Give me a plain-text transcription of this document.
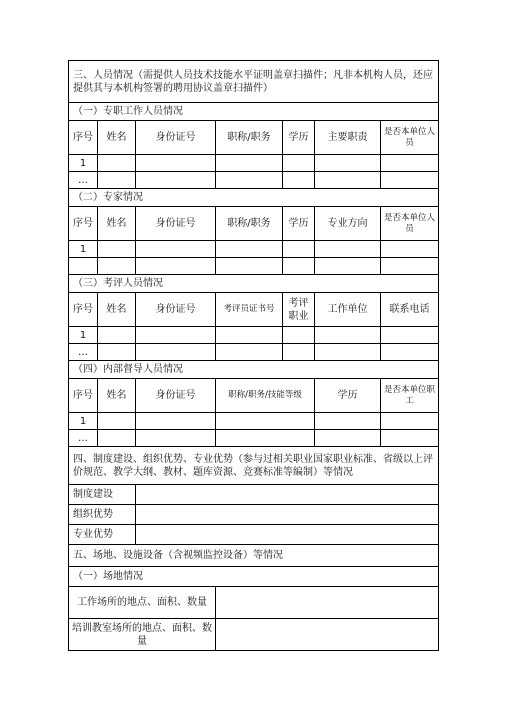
三、人员情况（需提供人员技术技能水平证明盖章扫描件；凡非本机构人员，还应提供其与本机构签署的聘用协议盖章扫描件）						
（一）专职工作人员情况						
序号	姓名	身份证号	职称/职务	学历	主要职责	是否本单位人员
1						
…						
（二）专家情况						
序号	姓名	身份证号	职称/职务	学历	专业方向	是否本单位人员
1						

（三）考评人员情况						
序号	姓名	身份证号	考评员证书号	考评职业	工作单位	联系电话
1						
…						
（四）内部督导人员情况						
序号	姓名	身份证号	职称/职务/技能等级		学历	是否本单位职工
1						
…						
四、制度建设、组织优势、专业优势（参与过相关职业国家职业标准、省级以上评价规范、教学大纲、教材、题库资源、竞赛标准等编制）等情况						
制度建设						
组织优势						
专业优势						
五、场地、设施设备（含视频监控设备）等情况						
（一）场地情况						
工作场所的地点、面积、数量						
培训教室场所的地点、面积、数量						
